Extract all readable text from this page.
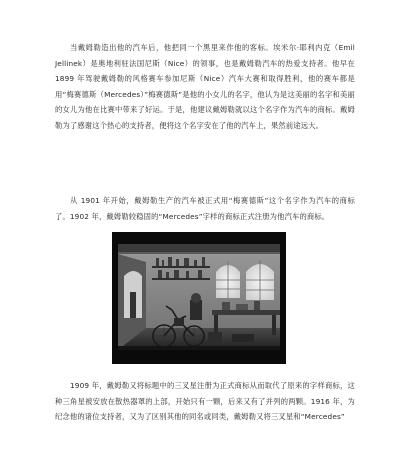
当戴姆勒造出他的汽车后，他把同一个黑里来作他的客标。埃米尔·耶利内克（Emil Jellinek）是奥地利驻法国尼斯（Nice）的领事，也是戴姆勒汽车的热爱支持者。他早在 1899 年驾驶戴姆勒的风格赛车参加尼斯（Nice）汽车大赛和取得胜利，他的赛车都是用“梅赛德斯（Mercedes）”梅赛德斯”是他的小女儿的名字，他认为是这美丽的名字和美丽的女儿为他在比赛中带来了好运。于是，他建议戴姆勒就以这个名字作为汽车的商标。戴姆勒为了感谢这个热心的支持者，便将这个名字安在了他的汽车上，果然前途远大。

从 1901 年开始，戴姆勒生产的汽车被正式用“梅赛德斯”这个名字作为汽车的商标了。1902 年，戴姆勒较稳固的“Mercedes”字样的商标正式注册为他汽车的商标。

1909 年，戴姆勒又将标题中的三叉星注册为正式商标从而取代了原来的字样商标，这种三角星被安放在散热器罩的上部，开始只有一颗，后来又有了并列的两颗。1916 年，为纪念他的诸位支持者，又为了区别其他的同名或同类，戴姆勒又将三叉星和“Mercedes”
